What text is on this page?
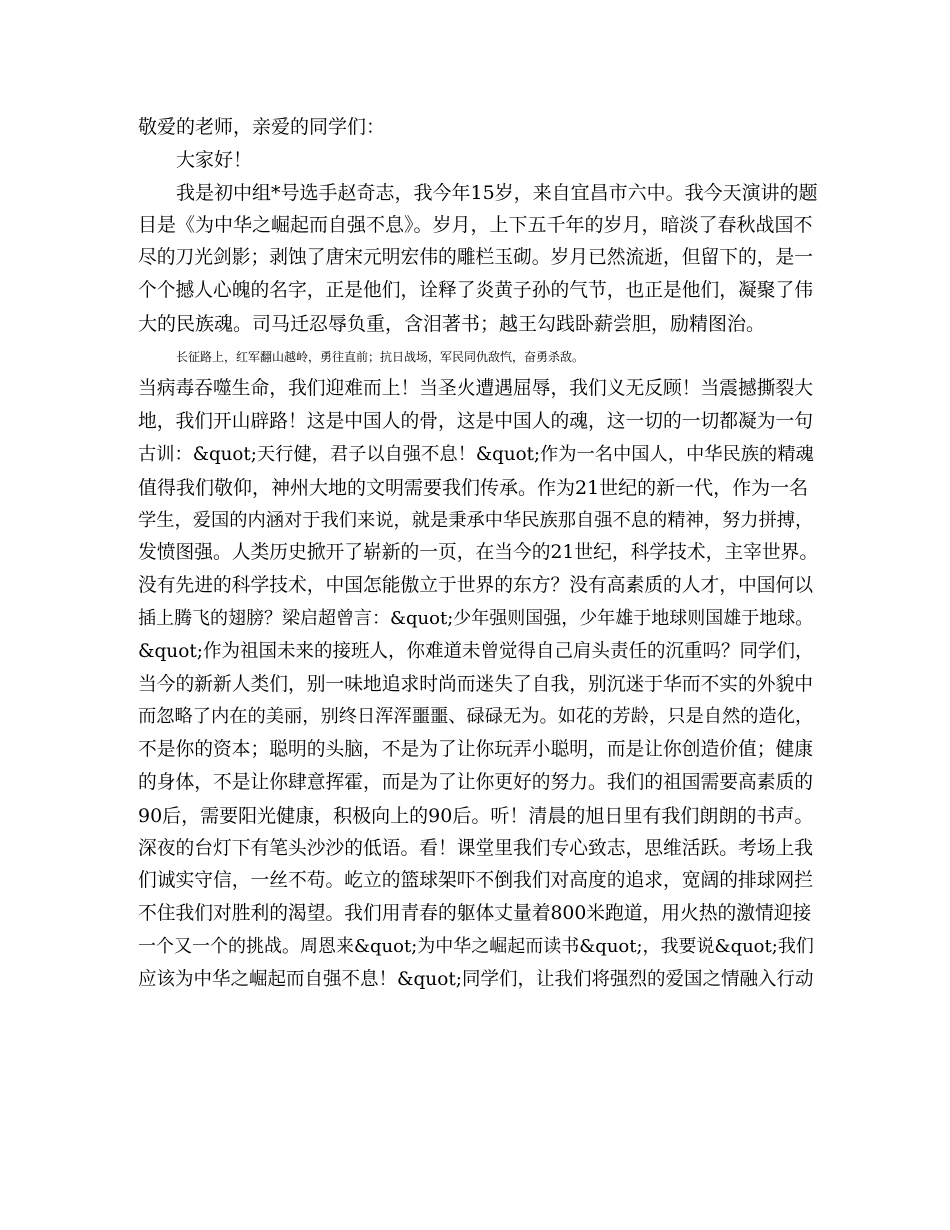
敬爱的老师，亲爱的同学们：
大家好！
我是初中组*号选手赵奇志，我今年15岁，来自宜昌市六中。我今天演讲的题
目是《为中华之崛起而自强不息》。岁月，上下五千年的岁月，暗淡了春秋战国不
尽的刀光剑影；剥蚀了唐宋元明宏伟的雕栏玉砌。岁月已然流逝，但留下的，是一
个个撼人心魄的名字，正是他们，诠释了炎黄子孙的气节，也正是他们，凝聚了伟
大的民族魂。司马迁忍辱负重，含泪著书；越王勾践卧薪尝胆，励精图治。
长征路上，红军翻山越岭，勇往直前；抗日战场，军民同仇敌忾，奋勇杀敌。
当病毒吞噬生命，我们迎难而上！当圣火遭遇屈辱，我们义无反顾！当震撼撕裂大
地，我们开山辟路！这是中国人的骨，这是中国人的魂，这一切的一切都凝为一句
古训：&quot;天行健，君子以自强不息！&quot;作为一名中国人，中华民族的精魂
值得我们敬仰，神州大地的文明需要我们传承。作为21世纪的新一代，作为一名
学生，爱国的内涵对于我们来说，就是秉承中华民族那自强不息的精神，努力拼搏，
发愤图强。人类历史掀开了崭新的一页，在当今的21世纪，科学技术，主宰世界。
没有先进的科学技术，中国怎能傲立于世界的东方？没有高素质的人才，中国何以
插上腾飞的翅膀？梁启超曾言：&quot;少年强则国强，少年雄于地球则国雄于地球。
&quot;作为祖国未来的接班人，你难道未曾觉得自己肩头责任的沉重吗？同学们，
当今的新新人类们，别一味地追求时尚而迷失了自我，别沉迷于华而不实的外貌中
而忽略了内在的美丽，别终日浑浑噩噩、碌碌无为。如花的芳龄，只是自然的造化，
不是你的资本；聪明的头脑，不是为了让你玩弄小聪明，而是让你创造价值；健康
的身体，不是让你肆意挥霍，而是为了让你更好的努力。我们的祖国需要高素质的
90后，需要阳光健康，积极向上的90后。听！清晨的旭日里有我们朗朗的书声。
深夜的台灯下有笔头沙沙的低语。看！课堂里我们专心致志，思维活跃。考场上我
们诚实守信，一丝不苟。屹立的篮球架吓不倒我们对高度的追求，宽阔的排球网拦
不住我们对胜利的渴望。我们用青春的躯体丈量着800米跑道，用火热的激情迎接
一个又一个的挑战。周恩来&quot;为中华之崛起而读书&quot;，我要说&quot;我们
应该为中华之崛起而自强不息！&quot;同学们，让我们将强烈的爱国之情融入行动
